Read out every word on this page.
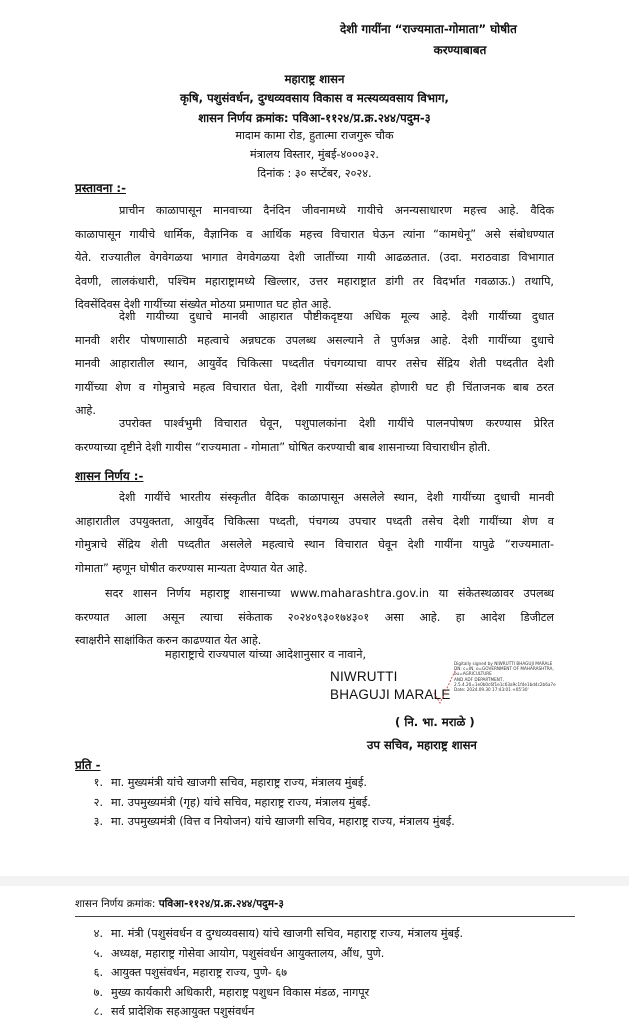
देशी गायींना “राज्यमाता-गोमाता” घोषीत
करण्याबाबत
महाराष्ट्र शासन
कृषि, पशुसंवर्धन, दुग्धव्यवसाय विकास व मत्स्यव्यवसाय विभाग,
शासन निर्णय क्रमांक: पविआ-११२४/प्र.क्र.२४४/पदुम-३
मादाम कामा रोड, हुतात्मा राजगुरू चौक
मंत्रालय विस्तार, मुंबई-४०००३२.
दिनांक : ३० सप्टेंबर, २०२४.
प्रस्तावना :-
प्राचीन काळापासून मानवाच्या दैनंदिन जीवनामध्ये गायीचे अनन्यसाधारण महत्त्व आहे. वैदिक
काळापासून गायीचे धार्मिक, वैज्ञानिक व आर्थिक महत्त्व विचारात घेऊन त्यांना “कामधेनू” असे संबोधण्यात
येते. राज्यातील वेगवेगळया भागात वेगवेगळया देशी जातींच्या गायी आढळतात. (उदा. मराठवाडा विभागात
देवणी, लालकंधारी, पश्चिम महाराष्ट्रामध्ये खिल्लार, उत्तर महाराष्ट्रात डांगी तर विदर्भात गवळाऊ.) तथापि,
दिवसेंदिवस देशी गायींच्या संख्येत मोठया प्रमाणात घट होत आहे.
देशी गायीच्या दुधाचे मानवी आहारात पौष्टीकदृष्टया अधिक मूल्य आहे. देशी गायींच्या दुधात
मानवी शरीर पोषणासाठी महत्वाचे अन्नघटक उपलब्ध असल्याने ते पुर्णअन्न आहे. देशी गायींच्या दुधाचे
मानवी आहारातील स्थान, आयुर्वेद चिकित्सा पध्दतीत पंचगव्याचा वापर तसेच सेंद्रिय शेती पध्दतीत देशी
गायींच्या शेण व गोमुत्राचे महत्व विचारात घेता, देशी गायींच्या संख्येत होणारी घट ही चिंताजनक बाब ठरत
आहे.
उपरोक्त पार्श्वभुमी विचारात घेवून, पशुपालकांना देशी गायींचे पालनपोषण करण्यास प्रेरित
करण्याच्या दृष्टीने देशी गायीस “राज्यमाता - गोमाता” घोषित करण्याची बाब शासनाच्या विचाराधीन होती.
शासन निर्णय :-
देशी गायींचे भारतीय संस्कृतीत वैदिक काळापासून असलेले स्थान, देशी गायींच्या दुधाची मानवी
आहारातील उपयुक्तता, आयुर्वेद चिकित्सा पध्दती, पंचगव्य उपचार पध्दती तसेच देशी गायींच्या शेण व
गोमुत्राचे सेंद्रिय शेती पध्दतीत असलेले महत्वाचे स्थान विचारात घेवून देशी गायींना यापुढे “राज्यमाता-
गोमाता” म्हणून घोषीत करण्यास मान्यता देण्यात येत आहे.
सदर शासन निर्णय महाराष्ट्र शासनाच्या www.maharashtra.gov.in या संकेतस्थळावर उपलब्ध
करण्यात आला असून त्याचा संकेताक २०२४०९३०१७४३०१ असा आहे. हा आदेश डिजीटल
स्वाक्षरीने साक्षांकित करुन काढण्यात येत आहे.
महाराष्ट्राचे राज्यपाल यांच्या आदेशानुसार व नावाने,
NIWRUTTI
BHAGUJI MARALE
Digitally signed by NIWRUTTI BHAGUJI MARALE
DN: c=IN, o=GOVERNMENT OF MAHARASHTRA, ou=AGRICULTURE
AND ADF DEPARTMENT,
2.5.4.20=1e0b0c6f1e1c63a9c1f4e1bd4c2b6a7e
Date: 2024.09.30 17:43:01 +05'30'
( नि. भा. मराळे )
उप सचिव, महाराष्ट्र शासन
प्रति -
१. मा. मुख्यमंत्री यांचे खाजगी सचिव, महाराष्ट्र राज्य, मंत्रालय मुंबई.
२. मा. उपमुख्यमंत्री (गृह) यांचे सचिव, महाराष्ट्र राज्य, मंत्रालय मुंबई.
३. मा. उपमुख्यमंत्री (वित्त व नियोजन) यांचे खाजगी सचिव, महाराष्ट्र राज्य, मंत्रालय मुंबई.
शासन निर्णय क्रमांक: पविआ-११२४/प्र.क्र.२४४/पदुम-३
४. मा. मंत्री (पशुसंवर्धन व दुग्धव्यवसाय) यांचे खाजगी सचिव, महाराष्ट्र राज्य, मंत्रालय मुंबई.
५. अध्यक्ष, महाराष्ट्र गोसेवा आयोग, पशुसंवर्धन आयुक्तालय, औंध, पुणे.
६. आयुक्त पशुसंवर्धन, महाराष्ट्र राज्य, पुणे- ६७
७. मुख्य कार्यकारी अधिकारी, महाराष्ट्र पशुधन विकास मंडळ, नागपूर
८. सर्व प्रादेशिक सहआयुक्त पशुसंवर्धन
